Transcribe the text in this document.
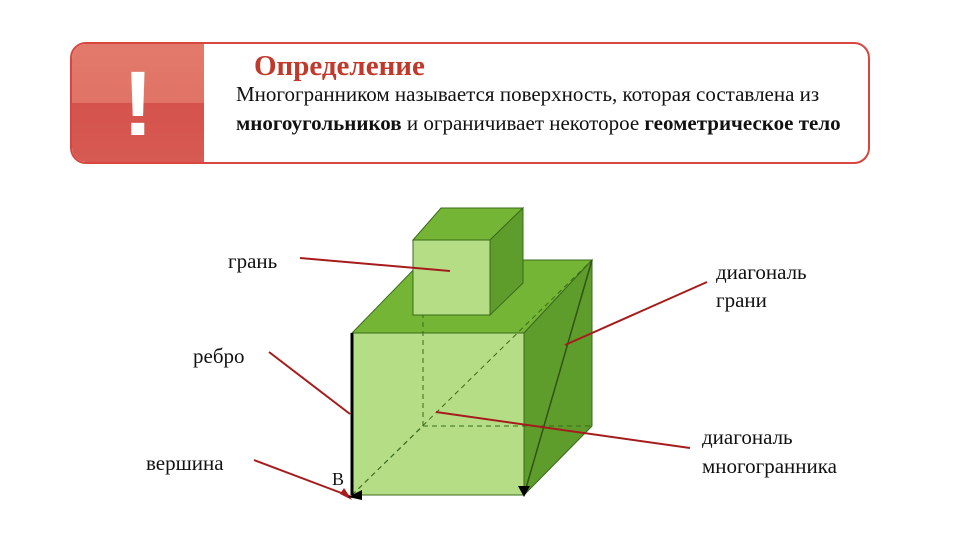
!	Определение

Многогранником называется поверхность, которая составлена из многоугольников и ограничивает некоторое геометрическое тело

грань
ребро
вершина
В
диагональ
грани
диагональ
многогранника
